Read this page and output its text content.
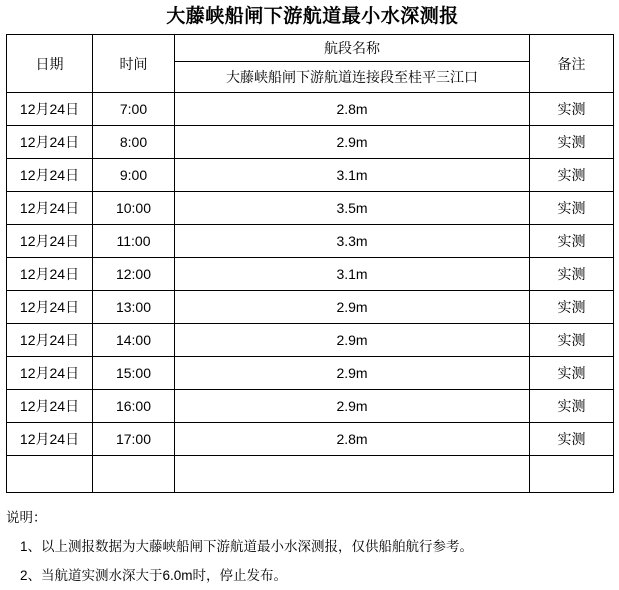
大藤峡船闸下游航道最小水深测报
日期	时间	航段名称	备注
		大藤峡船闸下游航道连接段至桂平三江口	
12月24日	7:00	2.8m	实测
12月24日	8:00	2.9m	实测
12月24日	9:00	3.1m	实测
12月24日	10:00	3.5m	实测
12月24日	11:00	3.3m	实测
12月24日	12:00	3.1m	实测
12月24日	13:00	2.9m	实测
12月24日	14:00	2.9m	实测
12月24日	15:00	2.9m	实测
12月24日	16:00	2.9m	实测
12月24日	17:00	2.8m	实测

说明：
1、以上测报数据为大藤峡船闸下游航道最小水深测报，仅供船舶航行参考。
2、当航道实测水深大于6.0m时，停止发布。
